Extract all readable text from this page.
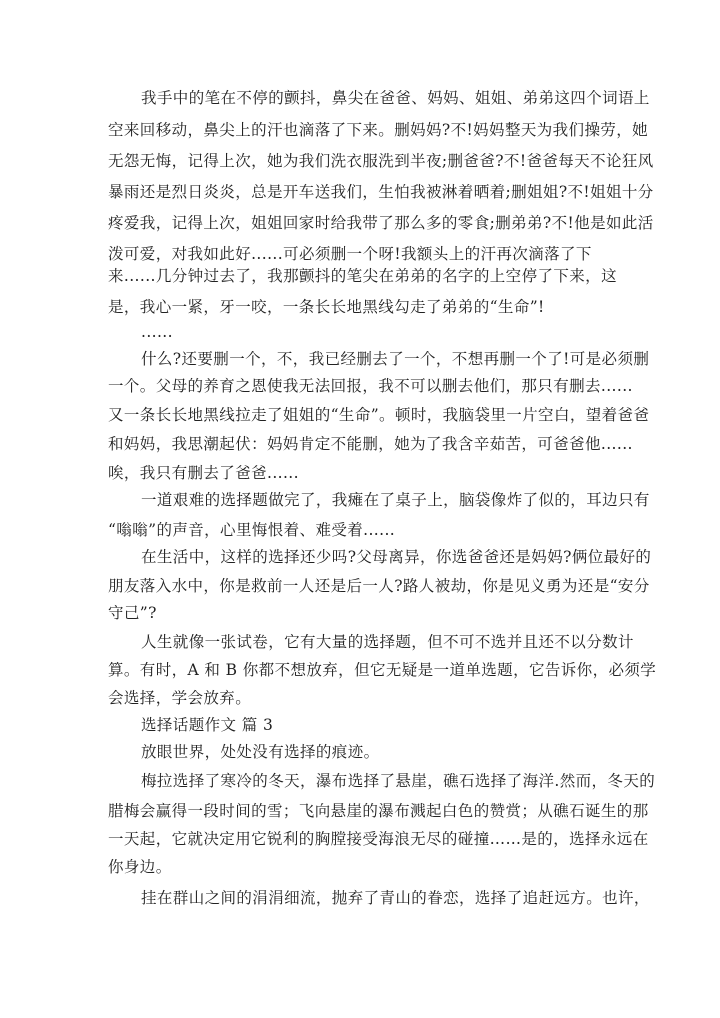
我手中的笔在不停的颤抖，鼻尖在爸爸、妈妈、姐姐、弟弟这四个词语上

空来回移动，鼻尖上的汗也滴落了下来。删妈妈?不!妈妈整天为我们操劳，她

无怨无悔，记得上次，她为我们洗衣服洗到半夜;删爸爸?不!爸爸每天不论狂风

暴雨还是烈日炎炎，总是开车送我们，生怕我被淋着晒着;删姐姐?不!姐姐十分

疼爱我，记得上次，姐姐回家时给我带了那么多的零食;删弟弟?不!他是如此活

泼可爱，对我如此好......可必须删一个呀!我额头上的汗再次滴落了下

来......几分钟过去了，我那颤抖的笔尖在弟弟的名字的上空停了下来，这

是，我心一紧，牙一咬，一条长长地黑线勾走了弟弟的“生命”!

......

什么?还要删一个，不，我已经删去了一个，不想再删一个了!可是必须删

一个。父母的养育之恩使我无法回报，我不可以删去他们，那只有删去......

又一条长长地黑线拉走了姐姐的“生命”。顿时，我脑袋里一片空白，望着爸爸

和妈妈，我思潮起伏：妈妈肯定不能删，她为了我含辛茹苦，可爸爸他......

唉，我只有删去了爸爸......

一道艰难的选择题做完了，我瘫在了桌子上，脑袋像炸了似的，耳边只有

“嗡嗡”的声音，心里悔恨着、难受着......

在生活中，这样的选择还少吗?父母离异，你选爸爸还是妈妈?俩位最好的

朋友落入水中，你是救前一人还是后一人?路人被劫，你是见义勇为还是“安分

守己”?

人生就像一张试卷，它有大量的选择题，但不可不选并且还不以分数计

算。有时，A 和 B 你都不想放弃，但它无疑是一道单选题，它告诉你，必须学

会选择，学会放弃。

选择话题作文 篇 3

放眼世界，处处没有选择的痕迹。

梅拉选择了寒冷的冬天，瀑布选择了悬崖，礁石选择了海洋.然而，冬天的

腊梅会赢得一段时间的雪；飞向悬崖的瀑布溅起白色的赞赏；从礁石诞生的那

一天起，它就决定用它锐利的胸膛接受海浪无尽的碰撞……是的，选择永远在

你身边。

挂在群山之间的涓涓细流，抛弃了青山的眷恋，选择了追赶远方。也许，
